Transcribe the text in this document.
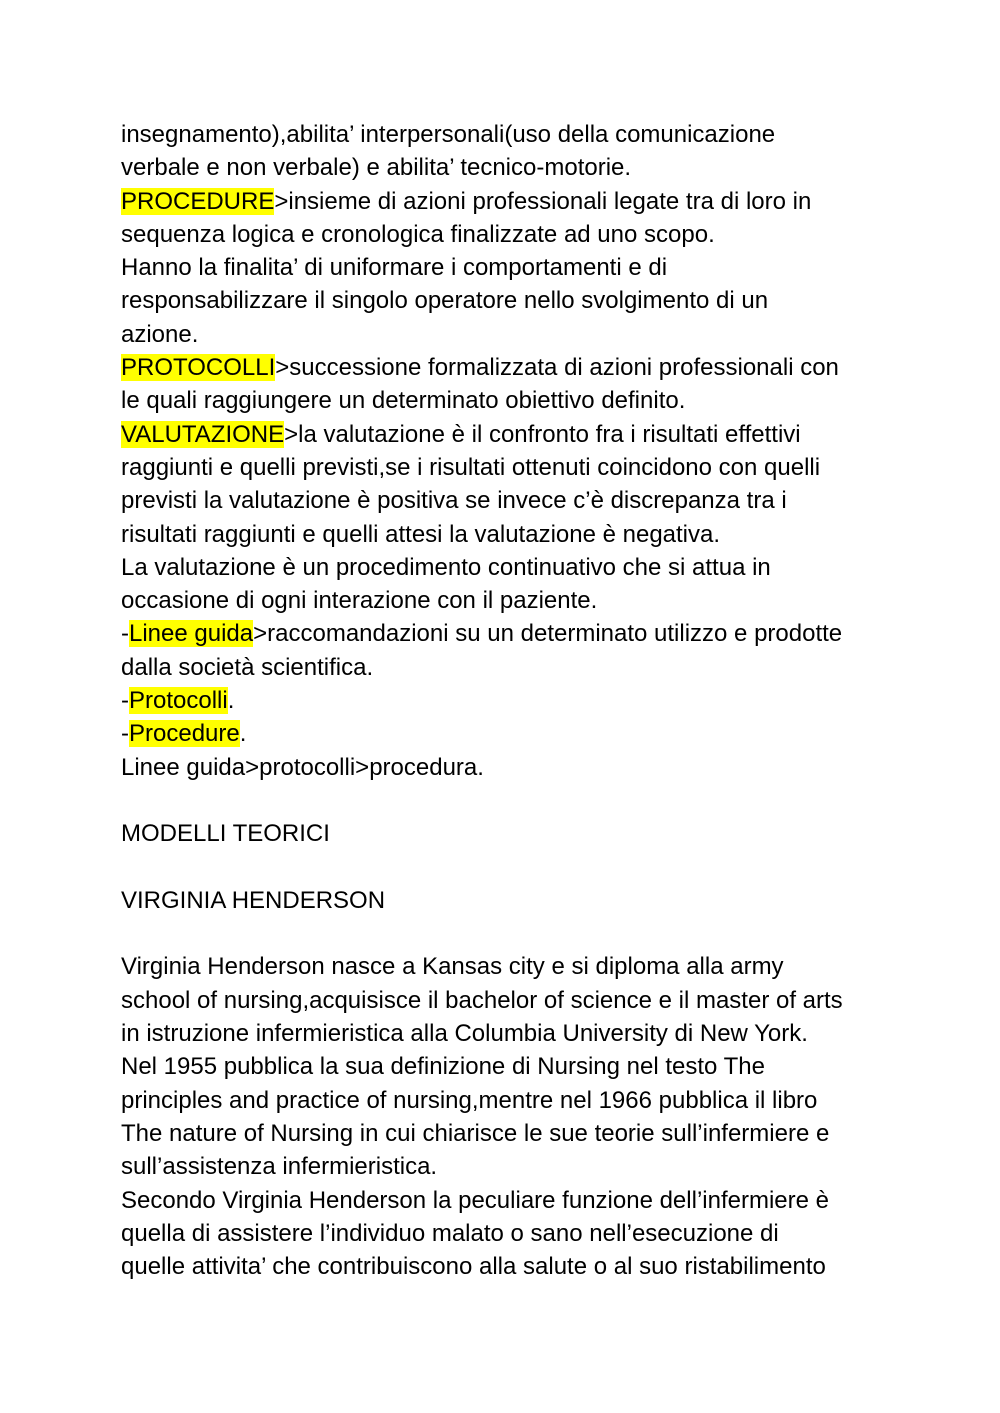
insegnamento),abilita’ interpersonali(uso della comunicazione
verbale e non verbale) e abilita’ tecnico-motorie.
PROCEDURE>insieme di azioni professionali legate tra di loro in
sequenza logica e cronologica finalizzate ad uno scopo.
Hanno la finalita’ di uniformare i comportamenti e di
responsabilizzare il singolo operatore nello svolgimento di un
azione.
PROTOCOLLI>successione formalizzata di azioni professionali con
le quali raggiungere un determinato obiettivo definito.
VALUTAZIONE>la valutazione è il confronto fra i risultati effettivi
raggiunti e quelli previsti,se i risultati ottenuti coincidono con quelli
previsti la valutazione è positiva se invece c’è discrepanza tra i
risultati raggiunti e quelli attesi la valutazione è negativa.
La valutazione è un procedimento continuativo che si attua in
occasione di ogni interazione con il paziente.
-Linee guida>raccomandazioni su un determinato utilizzo e prodotte
dalla società scientifica.
-Protocolli.
-Procedure.
Linee guida>protocolli>procedura.
MODELLI TEORICI
VIRGINIA HENDERSON
Virginia Henderson nasce a Kansas city e si diploma alla army
school of nursing,acquisisce il bachelor of science e il master of arts
in istruzione infermieristica alla Columbia University di New York.
Nel 1955 pubblica la sua definizione di Nursing nel testo The
principles and practice of nursing,mentre nel 1966 pubblica il libro
The nature of Nursing in cui chiarisce le sue teorie sull’infermiere e
sull’assistenza infermieristica.
Secondo Virginia Henderson la peculiare funzione dell’infermiere è
quella di assistere l’individuo malato o sano nell’esecuzione di
quelle attivita’ che contribuiscono alla salute o al suo ristabilimento
